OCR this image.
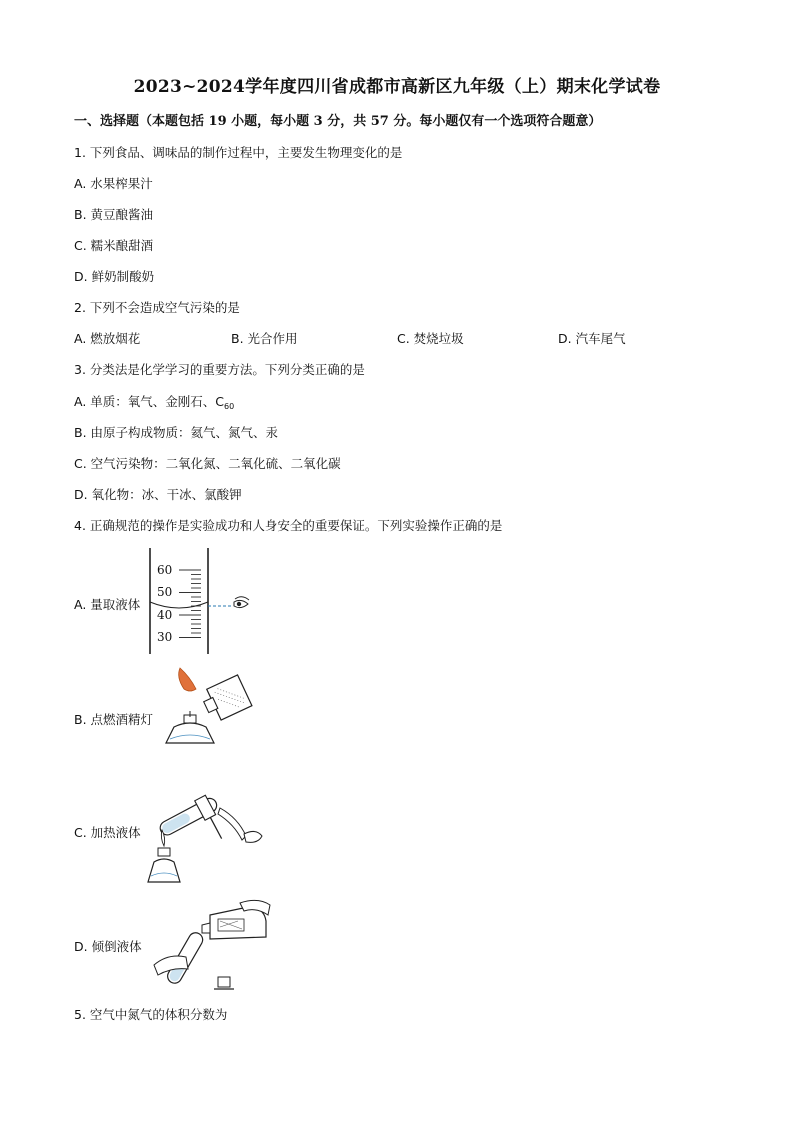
2023~2024学年度四川省成都市高新区九年级（上）期末化学试卷
一、选择题（本题包括 19 小题，每小题 3 分，共 57 分。每小题仅有一个选项符合题意）
1. 下列食品、调味品的制作过程中，主要发生物理变化的是
A. 水果榨果汁
B. 黄豆酿酱油
C. 糯米酿甜酒
D. 鲜奶制酸奶
2. 下列不会造成空气污染的是
A. 燃放烟花	B. 光合作用	C. 焚烧垃圾	D. 汽车尾气
3. 分类法是化学学习的重要方法。下列分类正确的是
A. 单质：氧气、金刚石、$C_{60}$
B. 由原子构成物质：氦气、氮气、汞
C. 空气污染物：二氧化氮、二氧化硫、二氧化碳
D. 氧化物：冰、干冰、氯酸钾
4. 正确规范的操作是实验成功和人身安全的重要保证。下列实验操作正确的是
A. 量取液体
60
50
40
30
B. 点燃酒精灯
C. 加热液体
D. 倾倒液体
5. 空气中氮气的体积分数为
